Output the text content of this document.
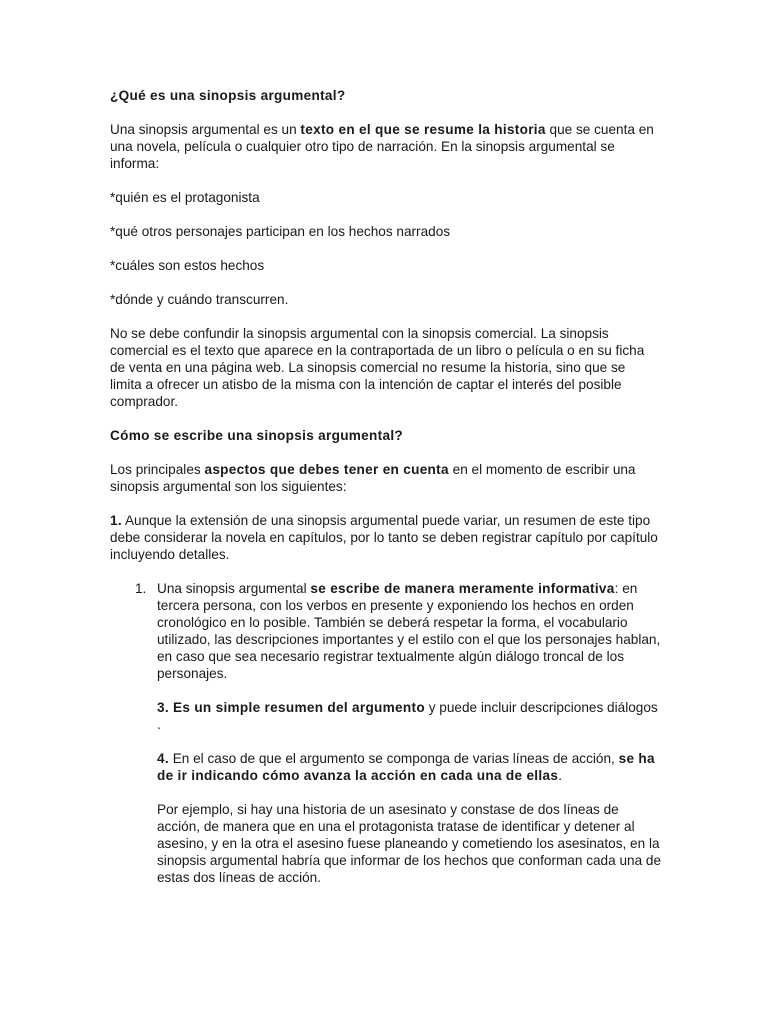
¿Qué es una sinopsis argumental?

Una sinopsis argumental es un texto en el que se resume la historia que se cuenta en una novela, película o cualquier otro tipo de narración. En la sinopsis argumental se informa:

*quién es el protagonista

*qué otros personajes participan en los hechos narrados

*cuáles son estos hechos

*dónde y cuándo transcurren.

No se debe confundir la sinopsis argumental con la sinopsis comercial. La sinopsis comercial es el texto que aparece en la contraportada de un libro o película o en su ficha de venta en una página web. La sinopsis comercial no resume la historia, sino que se limita a ofrecer un atisbo de la misma con la intención de captar el interés del posible comprador.

Cómo se escribe una sinopsis argumental?

Los principales aspectos que debes tener en cuenta en el momento de escribir una sinopsis argumental son los siguientes:

1. Aunque la extensión de una sinopsis argumental puede variar, un resumen de este tipo debe considerar la novela en capítulos, por lo tanto se deben registrar capítulo por capítulo incluyendo detalles.

1. Una sinopsis argumental se escribe de manera meramente informativa: en tercera persona, con los verbos en presente y exponiendo los hechos en orden cronológico en lo posible. También se deberá respetar la forma, el vocabulario utilizado, las descripciones importantes y el estilo con el que los personajes hablan, en caso que sea necesario registrar textualmente algún diálogo troncal de los personajes.

3. Es un simple resumen del argumento y puede incluir descripciones diálogos .

4. En el caso de que el argumento se componga de varias líneas de acción, se ha de ir indicando cómo avanza la acción en cada una de ellas.

Por ejemplo, si hay una historia de un asesinato y constase de dos líneas de acción, de manera que en una el protagonista tratase de identificar y detener al asesino, y en la otra el asesino fuese planeando y cometiendo los asesinatos, en la sinopsis argumental habría que informar de los hechos que conforman cada una de estas dos líneas de acción.
